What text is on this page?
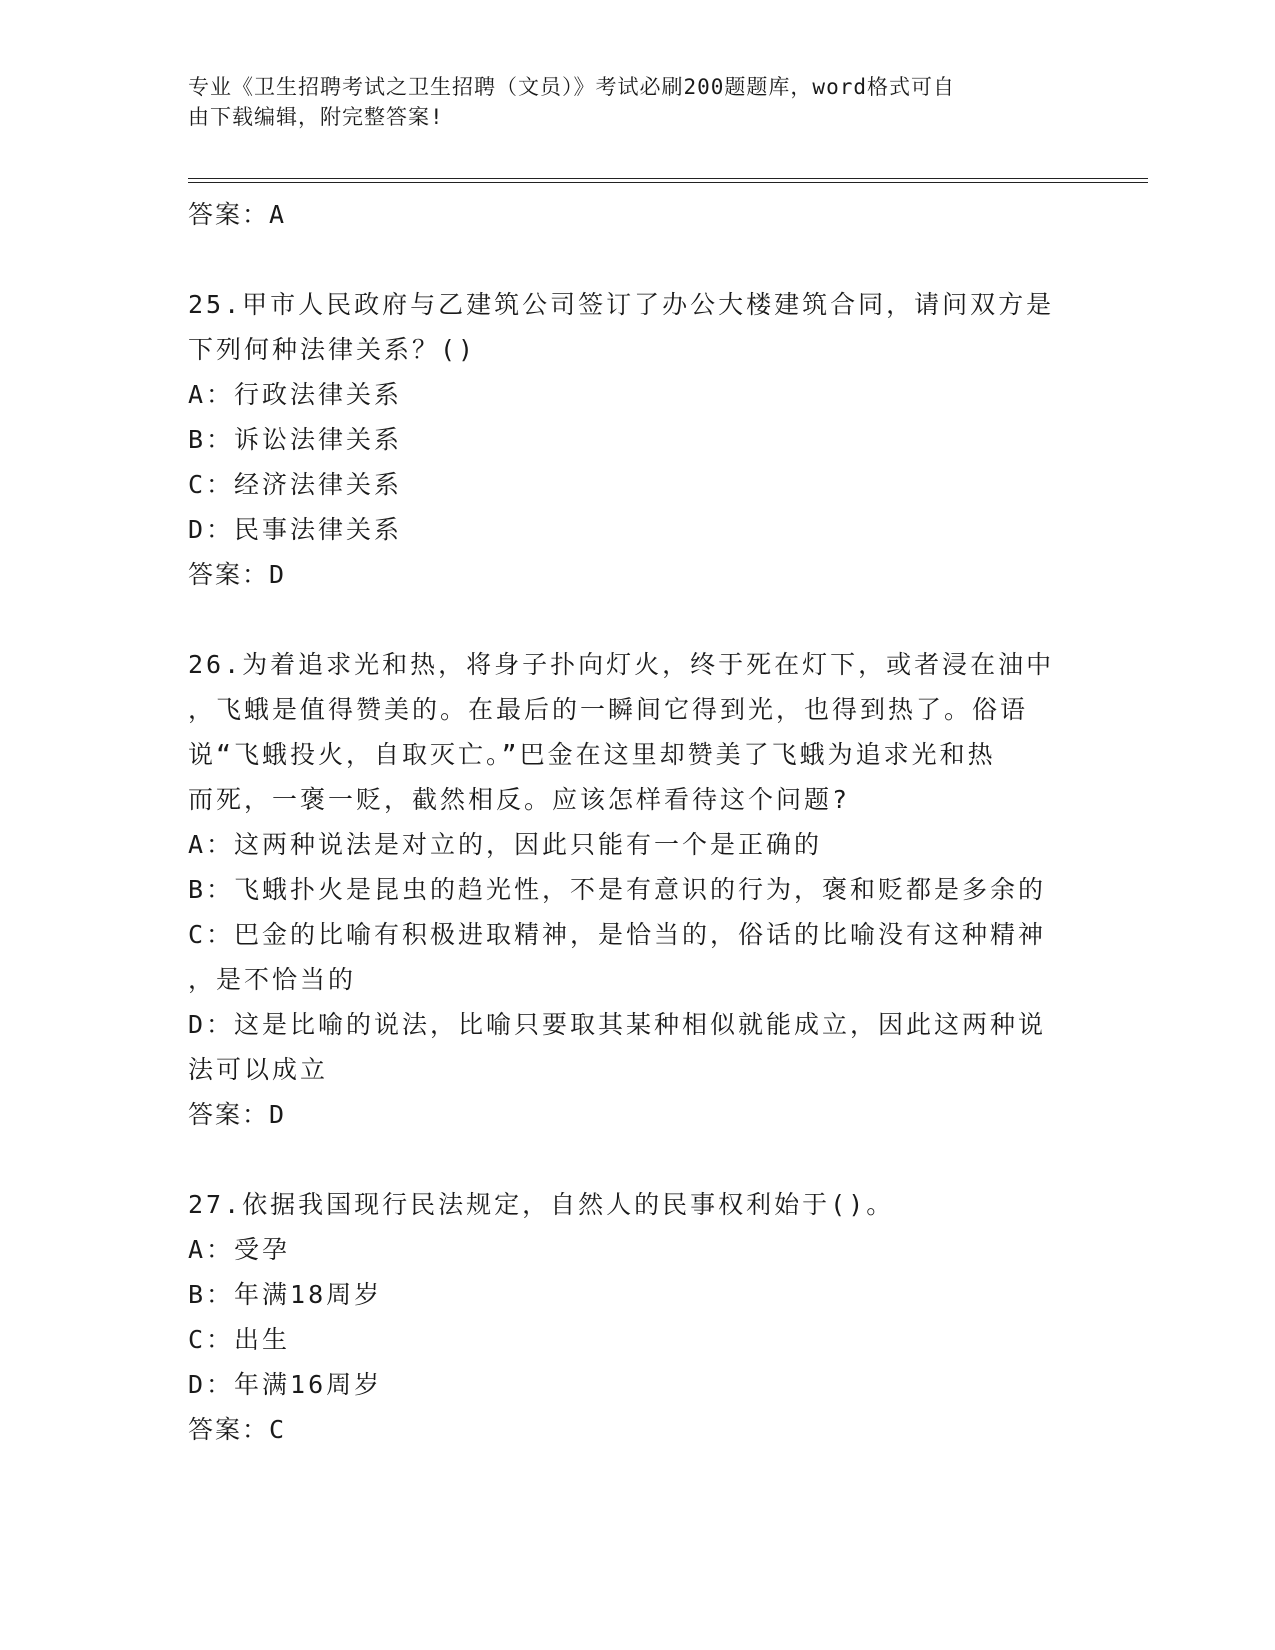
专业《卫生招聘考试之卫生招聘（文员）》考试必刷200题题库，word格式可自
由下载编辑，附完整答案!
答案：A
25.甲市人民政府与乙建筑公司签订了办公大楼建筑合同，请问双方是
下列何种法律关系？()
A：行政法律关系
B：诉讼法律关系
C：经济法律关系
D：民事法律关系
答案：D
26.为着追求光和热，将身子扑向灯火，终于死在灯下，或者浸在油中
，飞蛾是值得赞美的。在最后的一瞬间它得到光，也得到热了。俗语
说“飞蛾投火，自取灭亡。”巴金在这里却赞美了飞蛾为追求光和热
而死，一褒一贬，截然相反。应该怎样看待这个问题?
A：这两种说法是对立的，因此只能有一个是正确的
B：飞蛾扑火是昆虫的趋光性，不是有意识的行为，褒和贬都是多余的
C：巴金的比喻有积极进取精神，是恰当的，俗话的比喻没有这种精神
，是不恰当的
D：这是比喻的说法，比喻只要取其某种相似就能成立，因此这两种说
法可以成立
答案：D
27.依据我国现行民法规定，自然人的民事权利始于()。
A：受孕
B：年满18周岁
C：出生
D：年满16周岁
答案：C
